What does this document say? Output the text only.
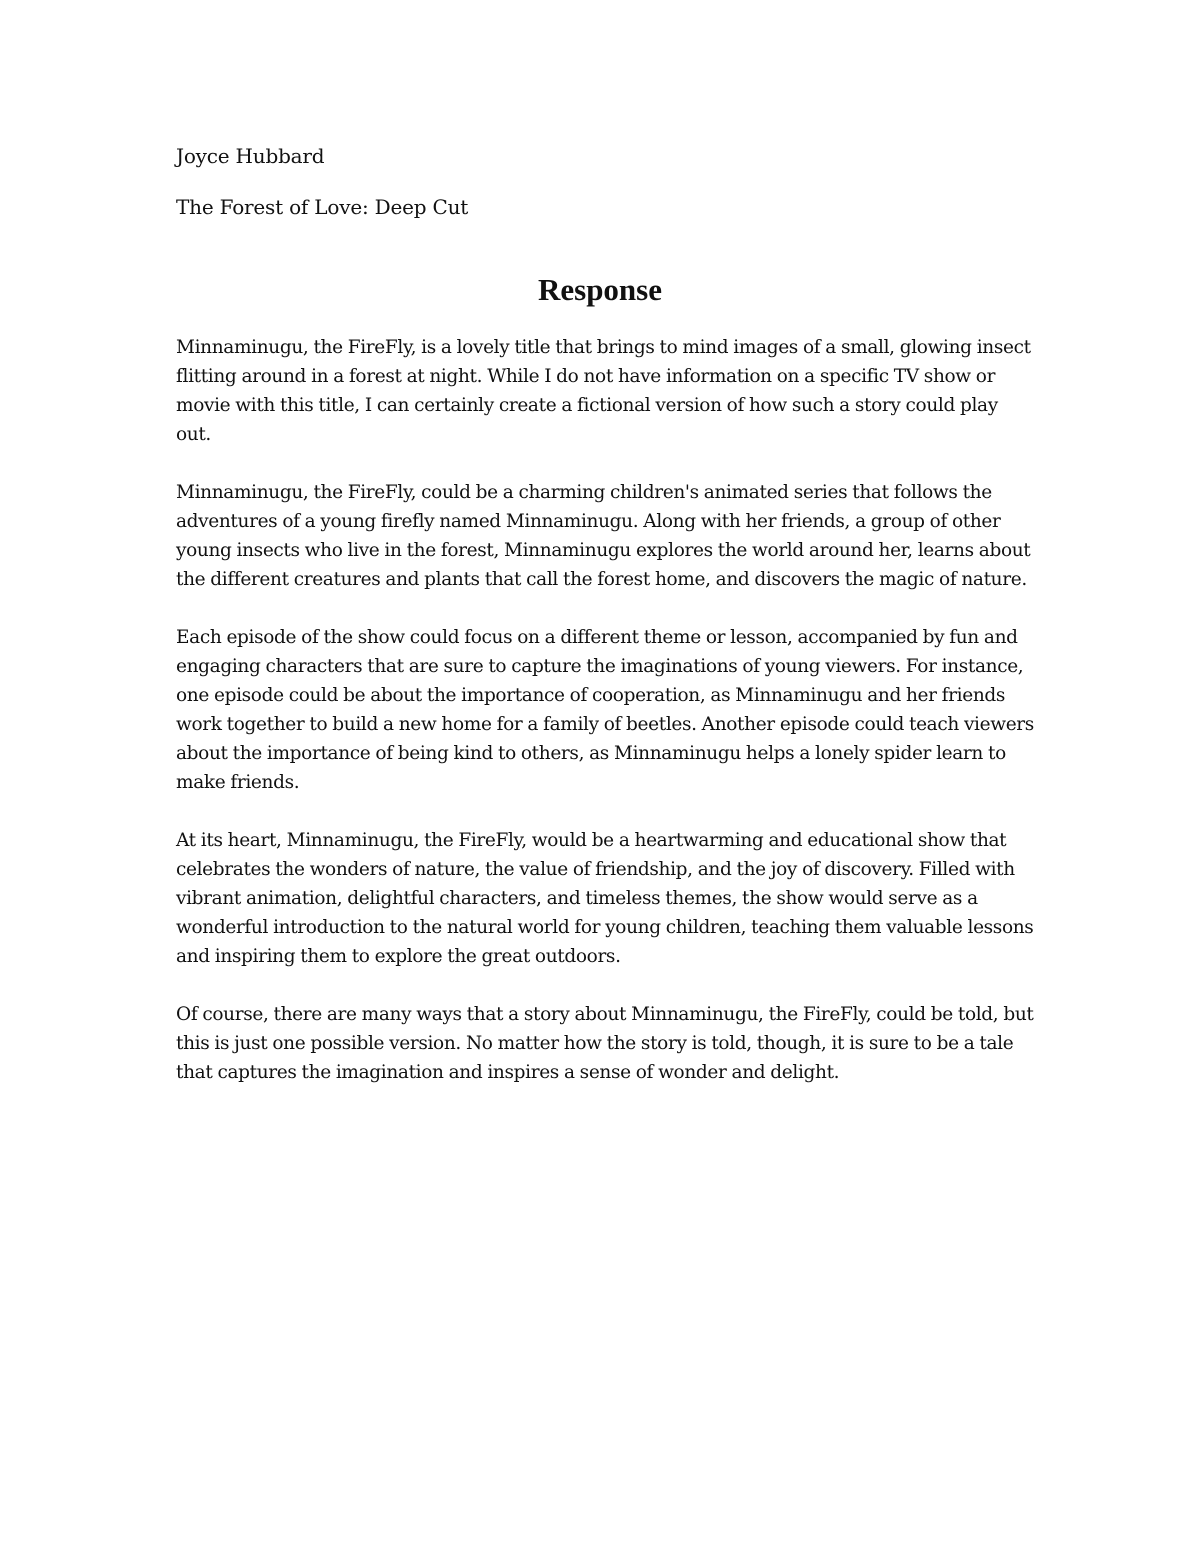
Joyce Hubbard
The Forest of Love: Deep Cut
Response

Minnaminugu, the FireFly, is a lovely title that brings to mind images of a small, glowing insect flitting around in a forest at night. While I do not have information on a specific TV show or movie with this title, I can certainly create a fictional version of how such a story could play out.

Minnaminugu, the FireFly, could be a charming children's animated series that follows the adventures of a young firefly named Minnaminugu. Along with her friends, a group of other young insects who live in the forest, Minnaminugu explores the world around her, learns about the different creatures and plants that call the forest home, and discovers the magic of nature.

Each episode of the show could focus on a different theme or lesson, accompanied by fun and engaging characters that are sure to capture the imaginations of young viewers. For instance, one episode could be about the importance of cooperation, as Minnaminugu and her friends work together to build a new home for a family of beetles. Another episode could teach viewers about the importance of being kind to others, as Minnaminugu helps a lonely spider learn to make friends.

At its heart, Minnaminugu, the FireFly, would be a heartwarming and educational show that celebrates the wonders of nature, the value of friendship, and the joy of discovery. Filled with vibrant animation, delightful characters, and timeless themes, the show would serve as a wonderful introduction to the natural world for young children, teaching them valuable lessons and inspiring them to explore the great outdoors.

Of course, there are many ways that a story about Minnaminugu, the FireFly, could be told, but this is just one possible version. No matter how the story is told, though, it is sure to be a tale that captures the imagination and inspires a sense of wonder and delight.
